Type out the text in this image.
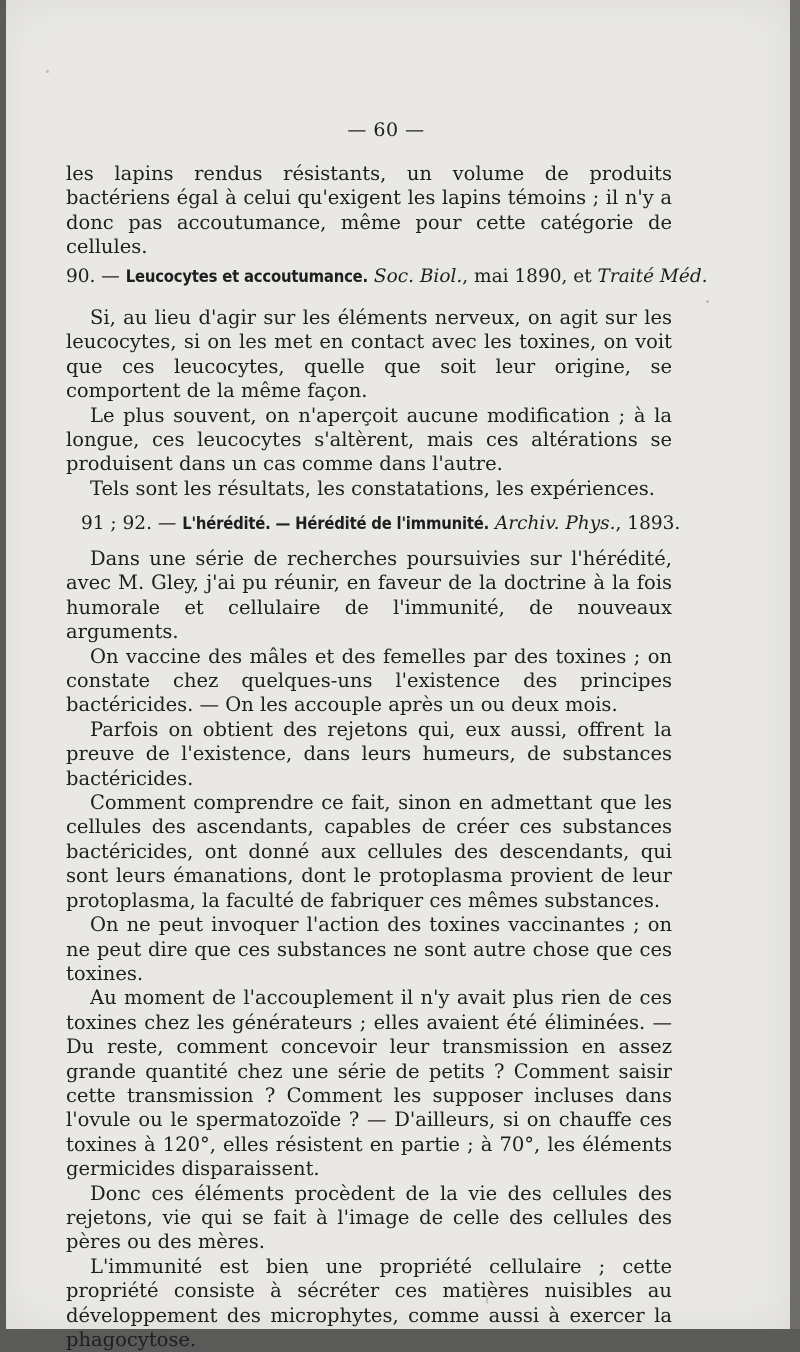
— 60 —

les lapins rendus résistants, un volume de produits bactériens égal à celui qu'exigent les lapins témoins ; il n'y a donc pas accoutumance, même pour cette catégorie de cellules.

90. — Leucocytes et accoutumance. Soc. Biol., mai 1890, et Traité Méd.

Si, au lieu d'agir sur les éléments nerveux, on agit sur les leucocytes, si on les met en contact avec les toxines, on voit que ces leucocytes, quelle que soit leur origine, se comportent de la même façon.

Le plus souvent, on n'aperçoit aucune modification ; à la longue, ces leucocytes s'altèrent, mais ces altérations se produisent dans un cas comme dans l'autre.

Tels sont les résultats, les constatations, les expériences.

91 ; 92. — L'hérédité. — Hérédité de l'immunité. Archiv. Phys., 1893.

Dans une série de recherches poursuivies sur l'hérédité, avec M. Gley, j'ai pu réunir, en faveur de la doctrine à la fois humorale et cellulaire de l'immunité, de nouveaux arguments.

On vaccine des mâles et des femelles par des toxines ; on constate chez quelques-uns l'existence des principes bactéricides. — On les accouple après un ou deux mois.

Parfois on obtient des rejetons qui, eux aussi, offrent la preuve de l'existence, dans leurs humeurs, de substances bactéricides.

Comment comprendre ce fait, sinon en admettant que les cellules des ascendants, capables de créer ces substances bactéricides, ont donné aux cellules des descendants, qui sont leurs émanations, dont le protoplasma provient de leur protoplasma, la faculté de fabriquer ces mêmes substances.

On ne peut invoquer l'action des toxines vaccinantes ; on ne peut dire que ces substances ne sont autre chose que ces toxines.

Au moment de l'accouplement il n'y avait plus rien de ces toxines chez les générateurs ; elles avaient été éliminées. — Du reste, comment concevoir leur transmission en assez grande quantité chez une série de petits ? Comment saisir cette transmission ? Comment les supposer incluses dans l'ovule ou le spermatozoïde ? — D'ailleurs, si on chauffe ces toxines à 120°, elles résistent en partie ; à 70°, les éléments germicides disparaissent.

Donc ces éléments procèdent de la vie des cellules des rejetons, vie qui se fait à l'image de celle des cellules des pères ou des mères.

L'immunité est bien une propriété cellulaire ; cette propriété consiste à sécréter ces matières nuisibles au développement des microphytes, comme aussi à exercer la phagocytose.
